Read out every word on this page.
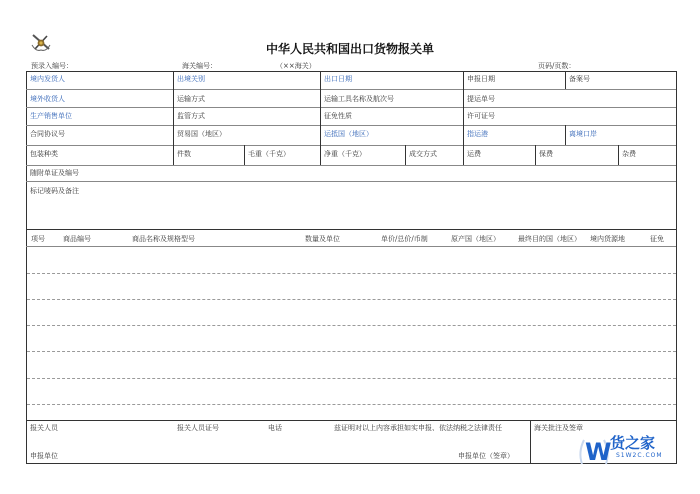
中华人民共和国出口货物报关单
预录入编号：	海关编号：	（××海关）	页码/页数：
境内发货人	出境关别	出口日期	申报日期	备案号
境外收货人	运输方式	运输工具名称及航次号	提运单号
生产销售单位	监管方式	征免性质	许可证号
合同协议号	贸易国（地区）	运抵国（地区）	指运港	离境口岸
包装种类	件数	毛重（千克）	净重（千克）	成交方式	运费	保费	杂费
随附单证及编号
标记唛码及备注
项号	商品编号	商品名称及规格型号	数量及单位	单价/总价/币制	原产国（地区）	最终目的国（地区） 境内货源地	征免
报关人员	报关人员证号	电话	兹证明对以上内容承担如实申报、依法纳税之法律责任	海关批注及签章
申报单位	申报单位（签章）	W
货之家
S1W2C.COM
